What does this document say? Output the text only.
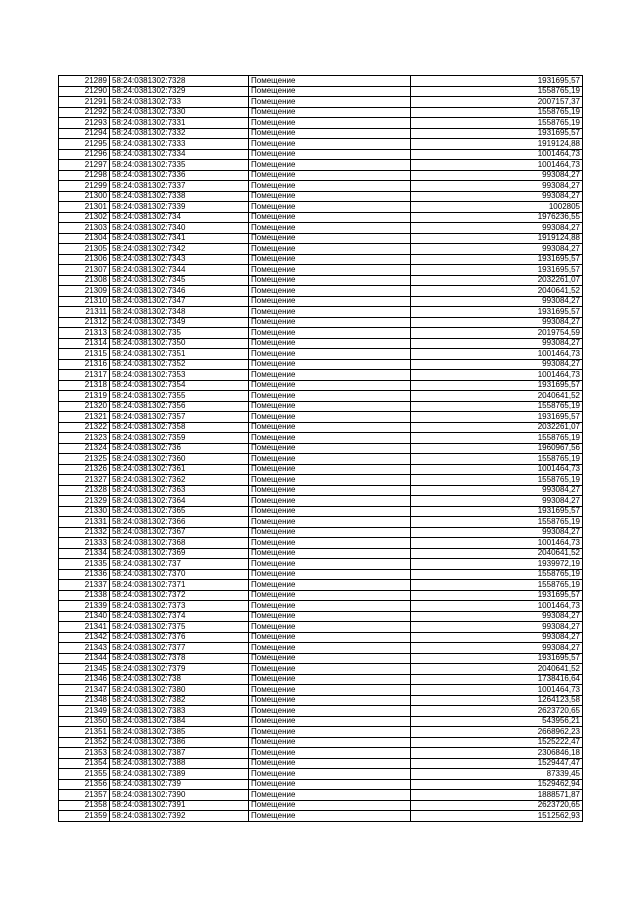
21289	58:24:0381302:7328	Помещение	1931695,57
21290	58:24:0381302:7329	Помещение	1558765,19
21291	58:24:0381302:733	Помещение	2007157,37
21292	58:24:0381302:7330	Помещение	1558765,19
21293	58:24:0381302:7331	Помещение	1558765,19
21294	58:24:0381302:7332	Помещение	1931695,57
21295	58:24:0381302:7333	Помещение	1919124,88
21296	58:24:0381302:7334	Помещение	1001464,73
21297	58:24:0381302:7335	Помещение	1001464,73
21298	58:24:0381302:7336	Помещение	993084,27
21299	58:24:0381302:7337	Помещение	993084,27
21300	58:24:0381302:7338	Помещение	993084,27
21301	58:24:0381302:7339	Помещение	1002805
21302	58:24:0381302:734	Помещение	1976236,55
21303	58:24:0381302:7340	Помещение	993084,27
21304	58:24:0381302:7341	Помещение	1919124,88
21305	58:24:0381302:7342	Помещение	993084,27
21306	58:24:0381302:7343	Помещение	1931695,57
21307	58:24:0381302:7344	Помещение	1931695,57
21308	58:24:0381302:7345	Помещение	2032261,07
21309	58:24:0381302:7346	Помещение	2040641,52
21310	58:24:0381302:7347	Помещение	993084,27
21311	58:24:0381302:7348	Помещение	1931695,57
21312	58:24:0381302:7349	Помещение	993084,27
21313	58:24:0381302:735	Помещение	2019754,59
21314	58:24:0381302:7350	Помещение	993084,27
21315	58:24:0381302:7351	Помещение	1001464,73
21316	58:24:0381302:7352	Помещение	993084,27
21317	58:24:0381302:7353	Помещение	1001464,73
21318	58:24:0381302:7354	Помещение	1931695,57
21319	58:24:0381302:7355	Помещение	2040641,52
21320	58:24:0381302:7356	Помещение	1558765,19
21321	58:24:0381302:7357	Помещение	1931695,57
21322	58:24:0381302:7358	Помещение	2032261,07
21323	58:24:0381302:7359	Помещение	1558765,19
21324	58:24:0381302:736	Помещение	1960967,56
21325	58:24:0381302:7360	Помещение	1558765,19
21326	58:24:0381302:7361	Помещение	1001464,73
21327	58:24:0381302:7362	Помещение	1558765,19
21328	58:24:0381302:7363	Помещение	993084,27
21329	58:24:0381302:7364	Помещение	993084,27
21330	58:24:0381302:7365	Помещение	1931695,57
21331	58:24:0381302:7366	Помещение	1558765,19
21332	58:24:0381302:7367	Помещение	993084,27
21333	58:24:0381302:7368	Помещение	1001464,73
21334	58:24:0381302:7369	Помещение	2040641,52
21335	58:24:0381302:737	Помещение	1939972,19
21336	58:24:0381302:7370	Помещение	1558765,19
21337	58:24:0381302:7371	Помещение	1558765,19
21338	58:24:0381302:7372	Помещение	1931695,57
21339	58:24:0381302:7373	Помещение	1001464,73
21340	58:24:0381302:7374	Помещение	993084,27
21341	58:24:0381302:7375	Помещение	993084,27
21342	58:24:0381302:7376	Помещение	993084,27
21343	58:24:0381302:7377	Помещение	993084,27
21344	58:24:0381302:7378	Помещение	1931695,57
21345	58:24:0381302:7379	Помещение	2040641,52
21346	58:24:0381302:738	Помещение	1738416,64
21347	58:24:0381302:7380	Помещение	1001464,73
21348	58:24:0381302:7382	Помещение	1264123,58
21349	58:24:0381302:7383	Помещение	2623720,65
21350	58:24:0381302:7384	Помещение	543956,21
21351	58:24:0381302:7385	Помещение	2668962,23
21352	58:24:0381302:7386	Помещение	1525222,47
21353	58:24:0381302:7387	Помещение	2306846,18
21354	58:24:0381302:7388	Помещение	1529447,47
21355	58:24:0381302:7389	Помещение	87339,45
21356	58:24:0381302:739	Помещение	1529462,94
21357	58:24:0381302:7390	Помещение	1888571,87
21358	58:24:0381302:7391	Помещение	2623720,65
21359	58:24:0381302:7392	Помещение	1512562,93
